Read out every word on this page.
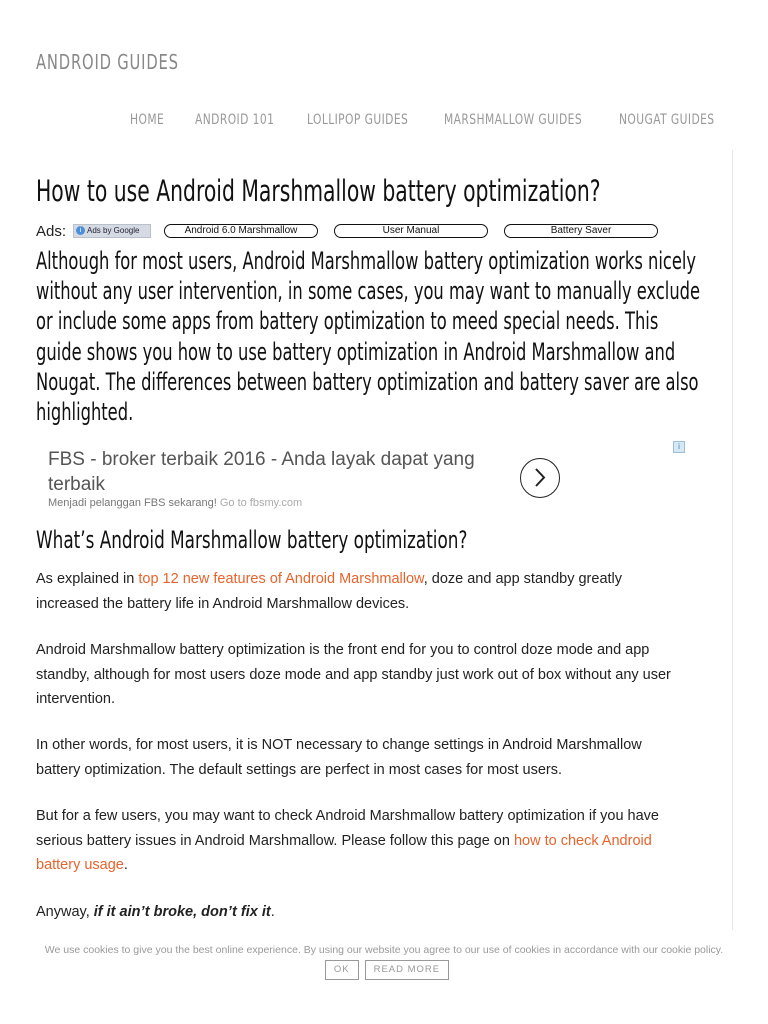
ANDROID GUIDES
HOME ANDROID 101 LOLLIPOP GUIDES	MARSHMALLOW GUIDES	NOUGAT GUIDES
How to use Android Marshmallow battery optimization?
Ads:	i Ads by Google	Android 6.0 Marshmallow	User Manual	Battery Saver

Although for most users, Android Marshmallow battery optimization works nicely without any user intervention, in some cases, you may want to manually exclude or include some apps from battery optimization to meed special needs. This guide shows you how to use battery optimization in Android Marshmallow and Nougat. The differences between battery optimization and battery saver are also highlighted.

FBS - broker terbaik 2016 - Anda layak dapat yang terbaik
Menjadi pelanggan FBS sekarang! Go to fbsmy.com
i
What’s Android Marshmallow battery optimization?

As explained in top 12 new features of Android Marshmallow, doze and app standby greatly increased the battery life in Android Marshmallow devices.

Android Marshmallow battery optimization is the front end for you to control doze mode and app standby, although for most users doze mode and app standby just work out of box without any user intervention.

In other words, for most users, it is NOT necessary to change settings in Android Marshmallow battery optimization. The default settings are perfect in most cases for most users.

But for a few users, you may want to check Android Marshmallow battery optimization if you have serious battery issues in Android Marshmallow. Please follow this page on how to check Android battery usage.

Anyway, if it ain’t broke, don’t fix it.

We use cookies to give you the best online experience. By using our website you agree to our use of cookies in accordance with our cookie policy.OK	READ MORE
